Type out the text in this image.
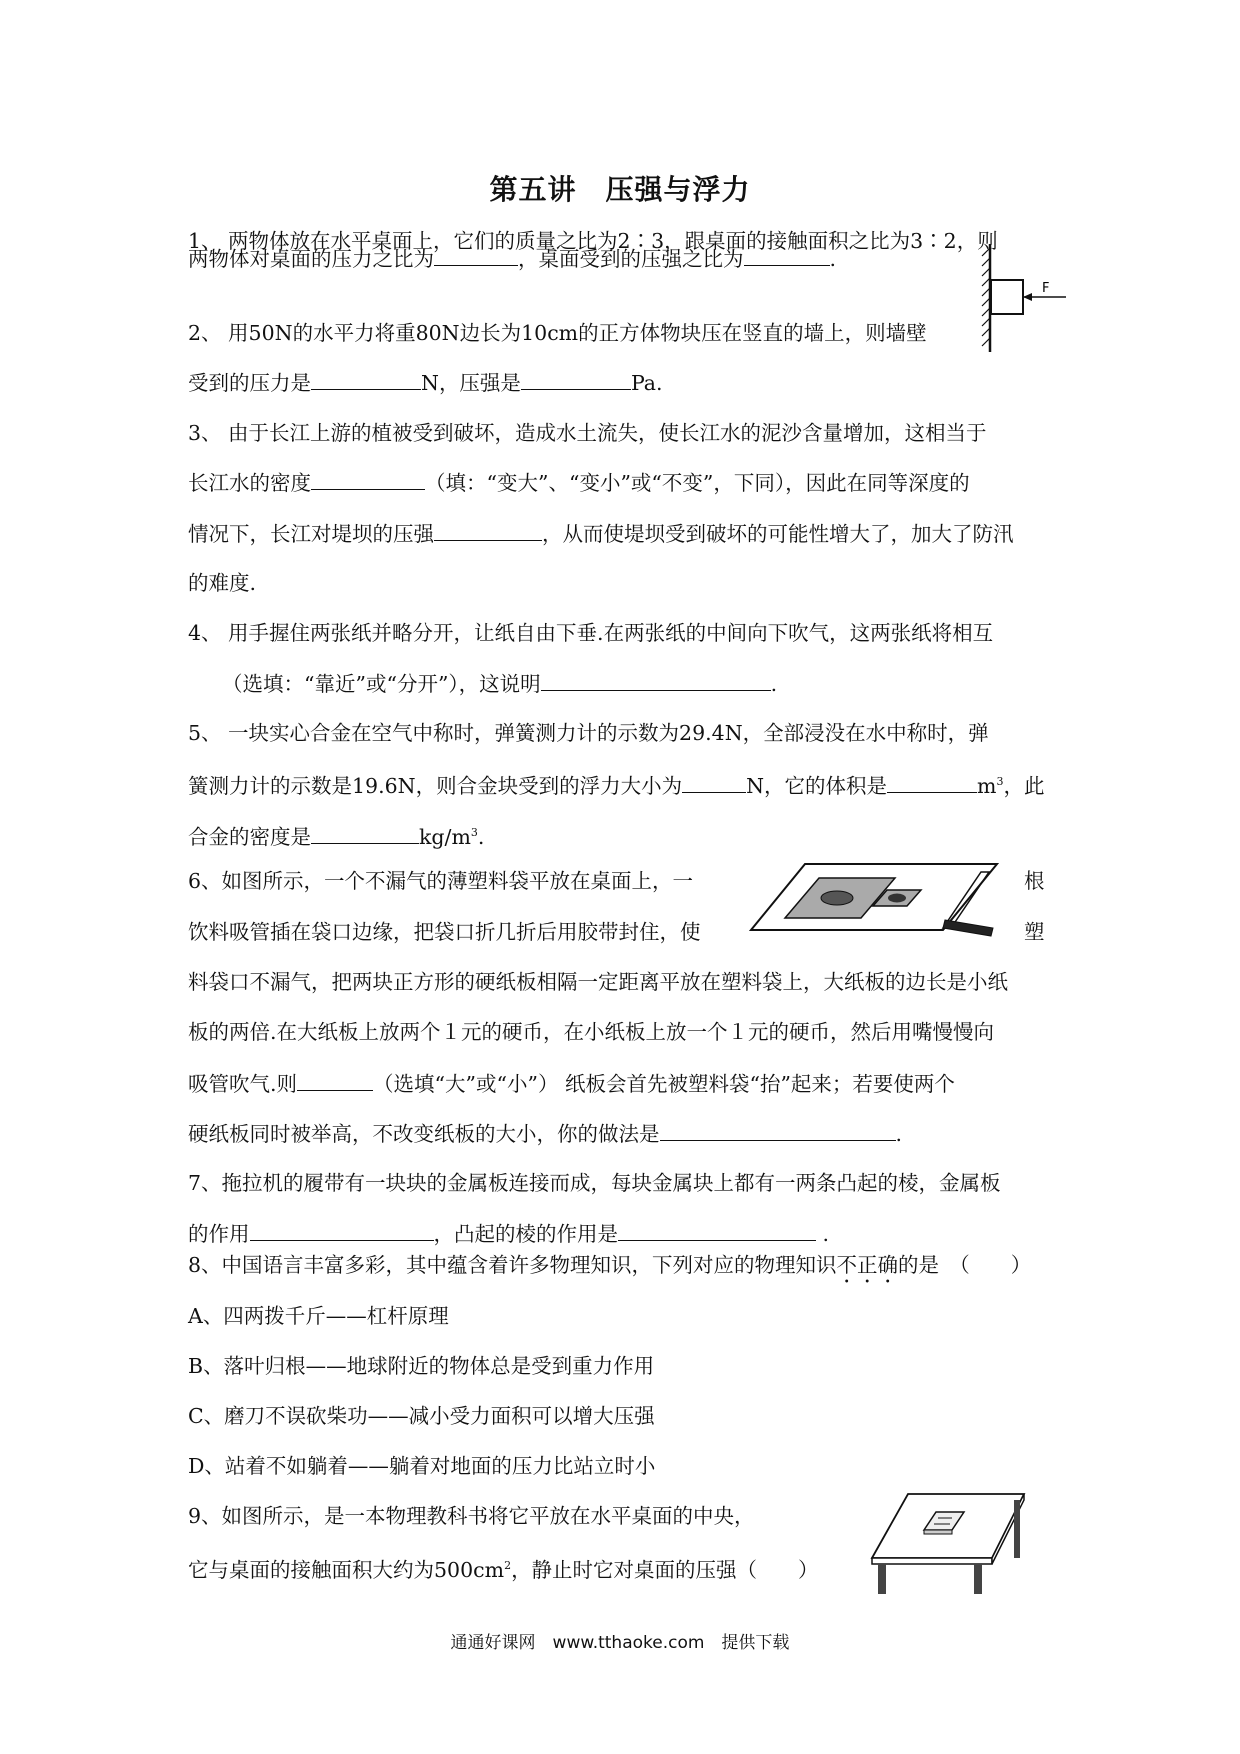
第五讲　压强与浮力
1、 两物体放在水平桌面上，它们的质量之比为2∶3，跟桌面的接触面积之比为3∶2，则
两物体对桌面的压力之比为	，桌面受到的压强之比为	.
F
2、 用50N的水平力将重80N边长为10cm的正方体物块压在竖直的墙上，则墙壁
受到的压力是	N，压强是	Pa.
3、 由于长江上游的植被受到破坏，造成水土流失，使长江水的泥沙含量增加，这相当于
长江水的密度	（填：“变大”、“变小”或“不变”，下同），因此在同等深度的
情况下，长江对堤坝的压强	，从而使堤坝受到破坏的可能性增大了，加大了防汛
的难度.
4、 用手握住两张纸并略分开，让纸自由下垂.在两张纸的中间向下吹气，这两张纸将相互
（选填：“靠近”或“分开”），这说明	.
5、 一块实心合金在空气中称时，弹簧测力计的示数为29.4N，全部浸没在水中称时，弹
簧测力计的示数是19.6N，则合金块受到的浮力大小为	N，它的体积是	$m^3$，此
合金的密度是	$kg/m^3$.
6、如图所示，一个不漏气的薄塑料袋平放在桌面上，一	根
饮料吸管插在袋口边缘，把袋口折几折后用胶带封住，使	塑
料袋口不漏气，把两块正方形的硬纸板相隔一定距离平放在塑料袋上，大纸板的边长是小纸
板的两倍.在大纸板上放两个１元的硬币，在小纸板上放一个１元的硬币，然后用嘴慢慢向
吸管吹气.则	（选填“大”或“小”） 纸板会首先被塑料袋“抬”起来；若要使两个
硬纸板同时被举高，不改变纸板的大小，你的做法是	.
7、拖拉机的履带有一块块的金属板连接而成，每块金属块上都有一两条凸起的棱，金属板
的作用	，凸起的棱的作用是	.
8、中国语言丰富多彩，其中蕴含着许多物理知识，下列对应的物理知识不正确的是　（　　）
A、四两拨千斤——杠杆原理
B、落叶归根——地球附近的物体总是受到重力作用
C、磨刀不误砍柴功——减小受力面积可以增大压强
D、站着不如躺着——躺着对地面的压力比站立时小
9、如图所示，是一本物理教科书将它平放在水平桌面的中央，
它与桌面的接触面积大约为$500cm^2$，静止时它对桌面的压强（　　）
通通好课网　www.tthaoke.com　提供下载
